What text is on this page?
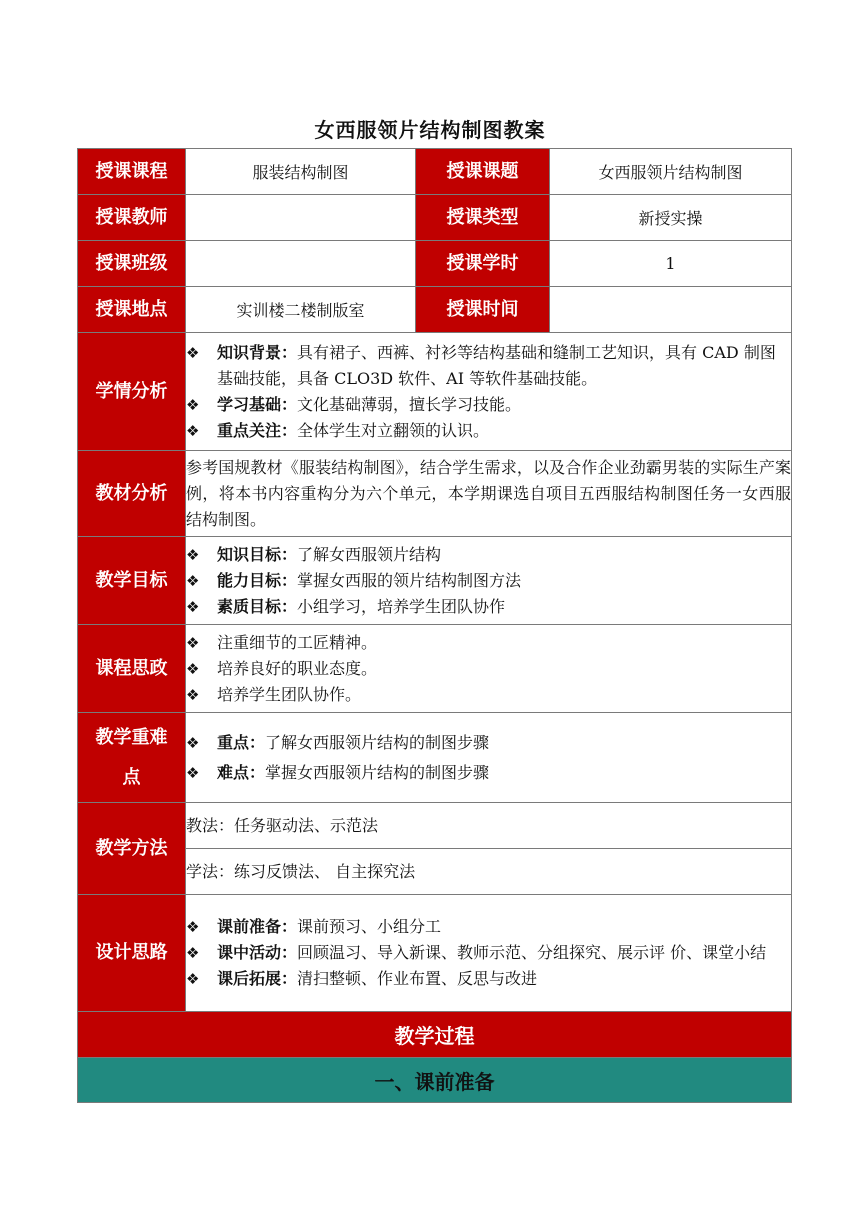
女西服领片结构制图教案
授课课程	服装结构制图	授课课题	女西服领片结构制图
授课教师		授课类型	新授实操
授课班级		授课学时	1
授课地点	实训楼二楼制版室	授课时间	
学情分析	❖ 知识背景：具有裙子、西裤、衬衫等结构基础和缝制工艺知识，具有 CAD 制图基础技能，具备 CLO3D 软件、AI 等软件基础技能。
❖ 学习基础：文化基础薄弱，擅长学习技能。
❖ 重点关注：全体学生对立翻领的认识。		

教材分析	参考国规教材《服装结构制图》，结合学生需求，以及合作企业劲霸男装的实际生产案例，将本书内容重构分为六个单元，本学期课选自项目五西服结构制图任务一女西服结构制图。		
教学目标	❖ 知识目标：了解女西服领片结构
❖ 能力目标：掌握女西服的领片结构制图方法
❖ 素质目标：小组学习，培养学生团队协作		

课程思政	❖ 注重细节的工匠精神。
❖ 培养良好的职业态度。
❖ 培养学生团队协作。		

教学重难
点	❖ 重点：了解女西服领片结构的制图步骤
❖ 难点：掌握女西服领片结构的制图步骤		

教学方法	教法：任务驱动法、示范法		
	学法：练习反馈法、 自主探究法		
设计思路	❖ 课前准备：课前预习、小组分工
❖ 课中活动：回顾温习、导入新课、教师示范、分组探究、展示评 价、课堂小结
❖ 课后拓展：清扫整顿、作业布置、反思与改进		

教学过程			
一、课前准备			
